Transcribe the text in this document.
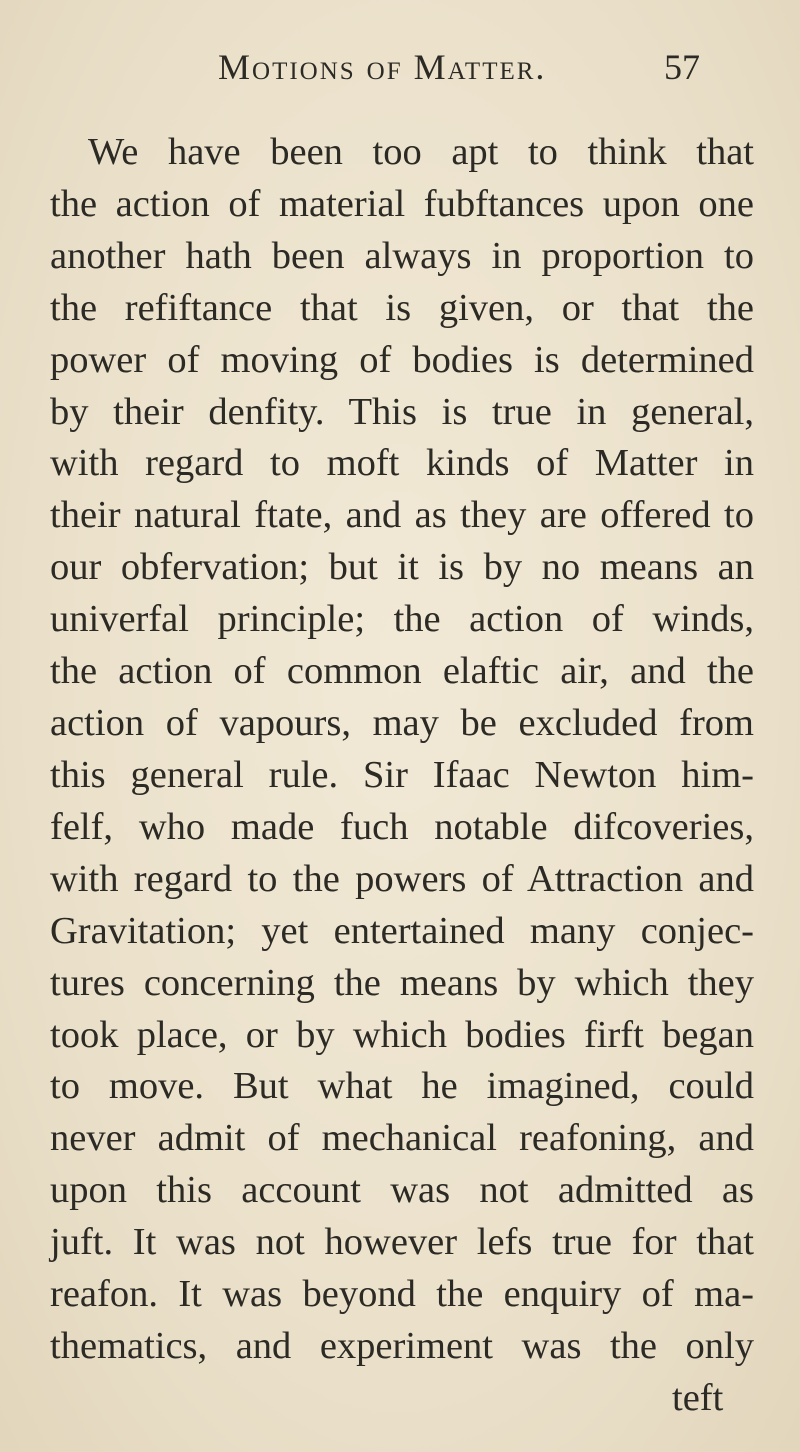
Motions of Matter.	57
We have been too apt to think that
the action of material fubftances upon one
another hath been always in proportion to
the refiftance that is given, or that the
power of moving of bodies is determined
by their denfity. This is true in general,
with regard to moft kinds of Matter in
their natural ftate, and as they are offered to
our obfervation; but it is by no means an
univerfal principle; the action of winds,
the action of common elaftic air, and the
action of vapours, may be excluded from
this general rule. Sir Ifaac Newton him-
felf, who made fuch notable difcoveries,
with regard to the powers of Attraction and
Gravitation; yet entertained many conjec-
tures concerning the means by which they
took place, or by which bodies firft began
to move. But what he imagined, could
never admit of mechanical reafoning, and
upon this account was not admitted as
juft. It was not however lefs true for that
reafon. It was beyond the enquiry of ma-
thematics, and experiment was the only
teft
